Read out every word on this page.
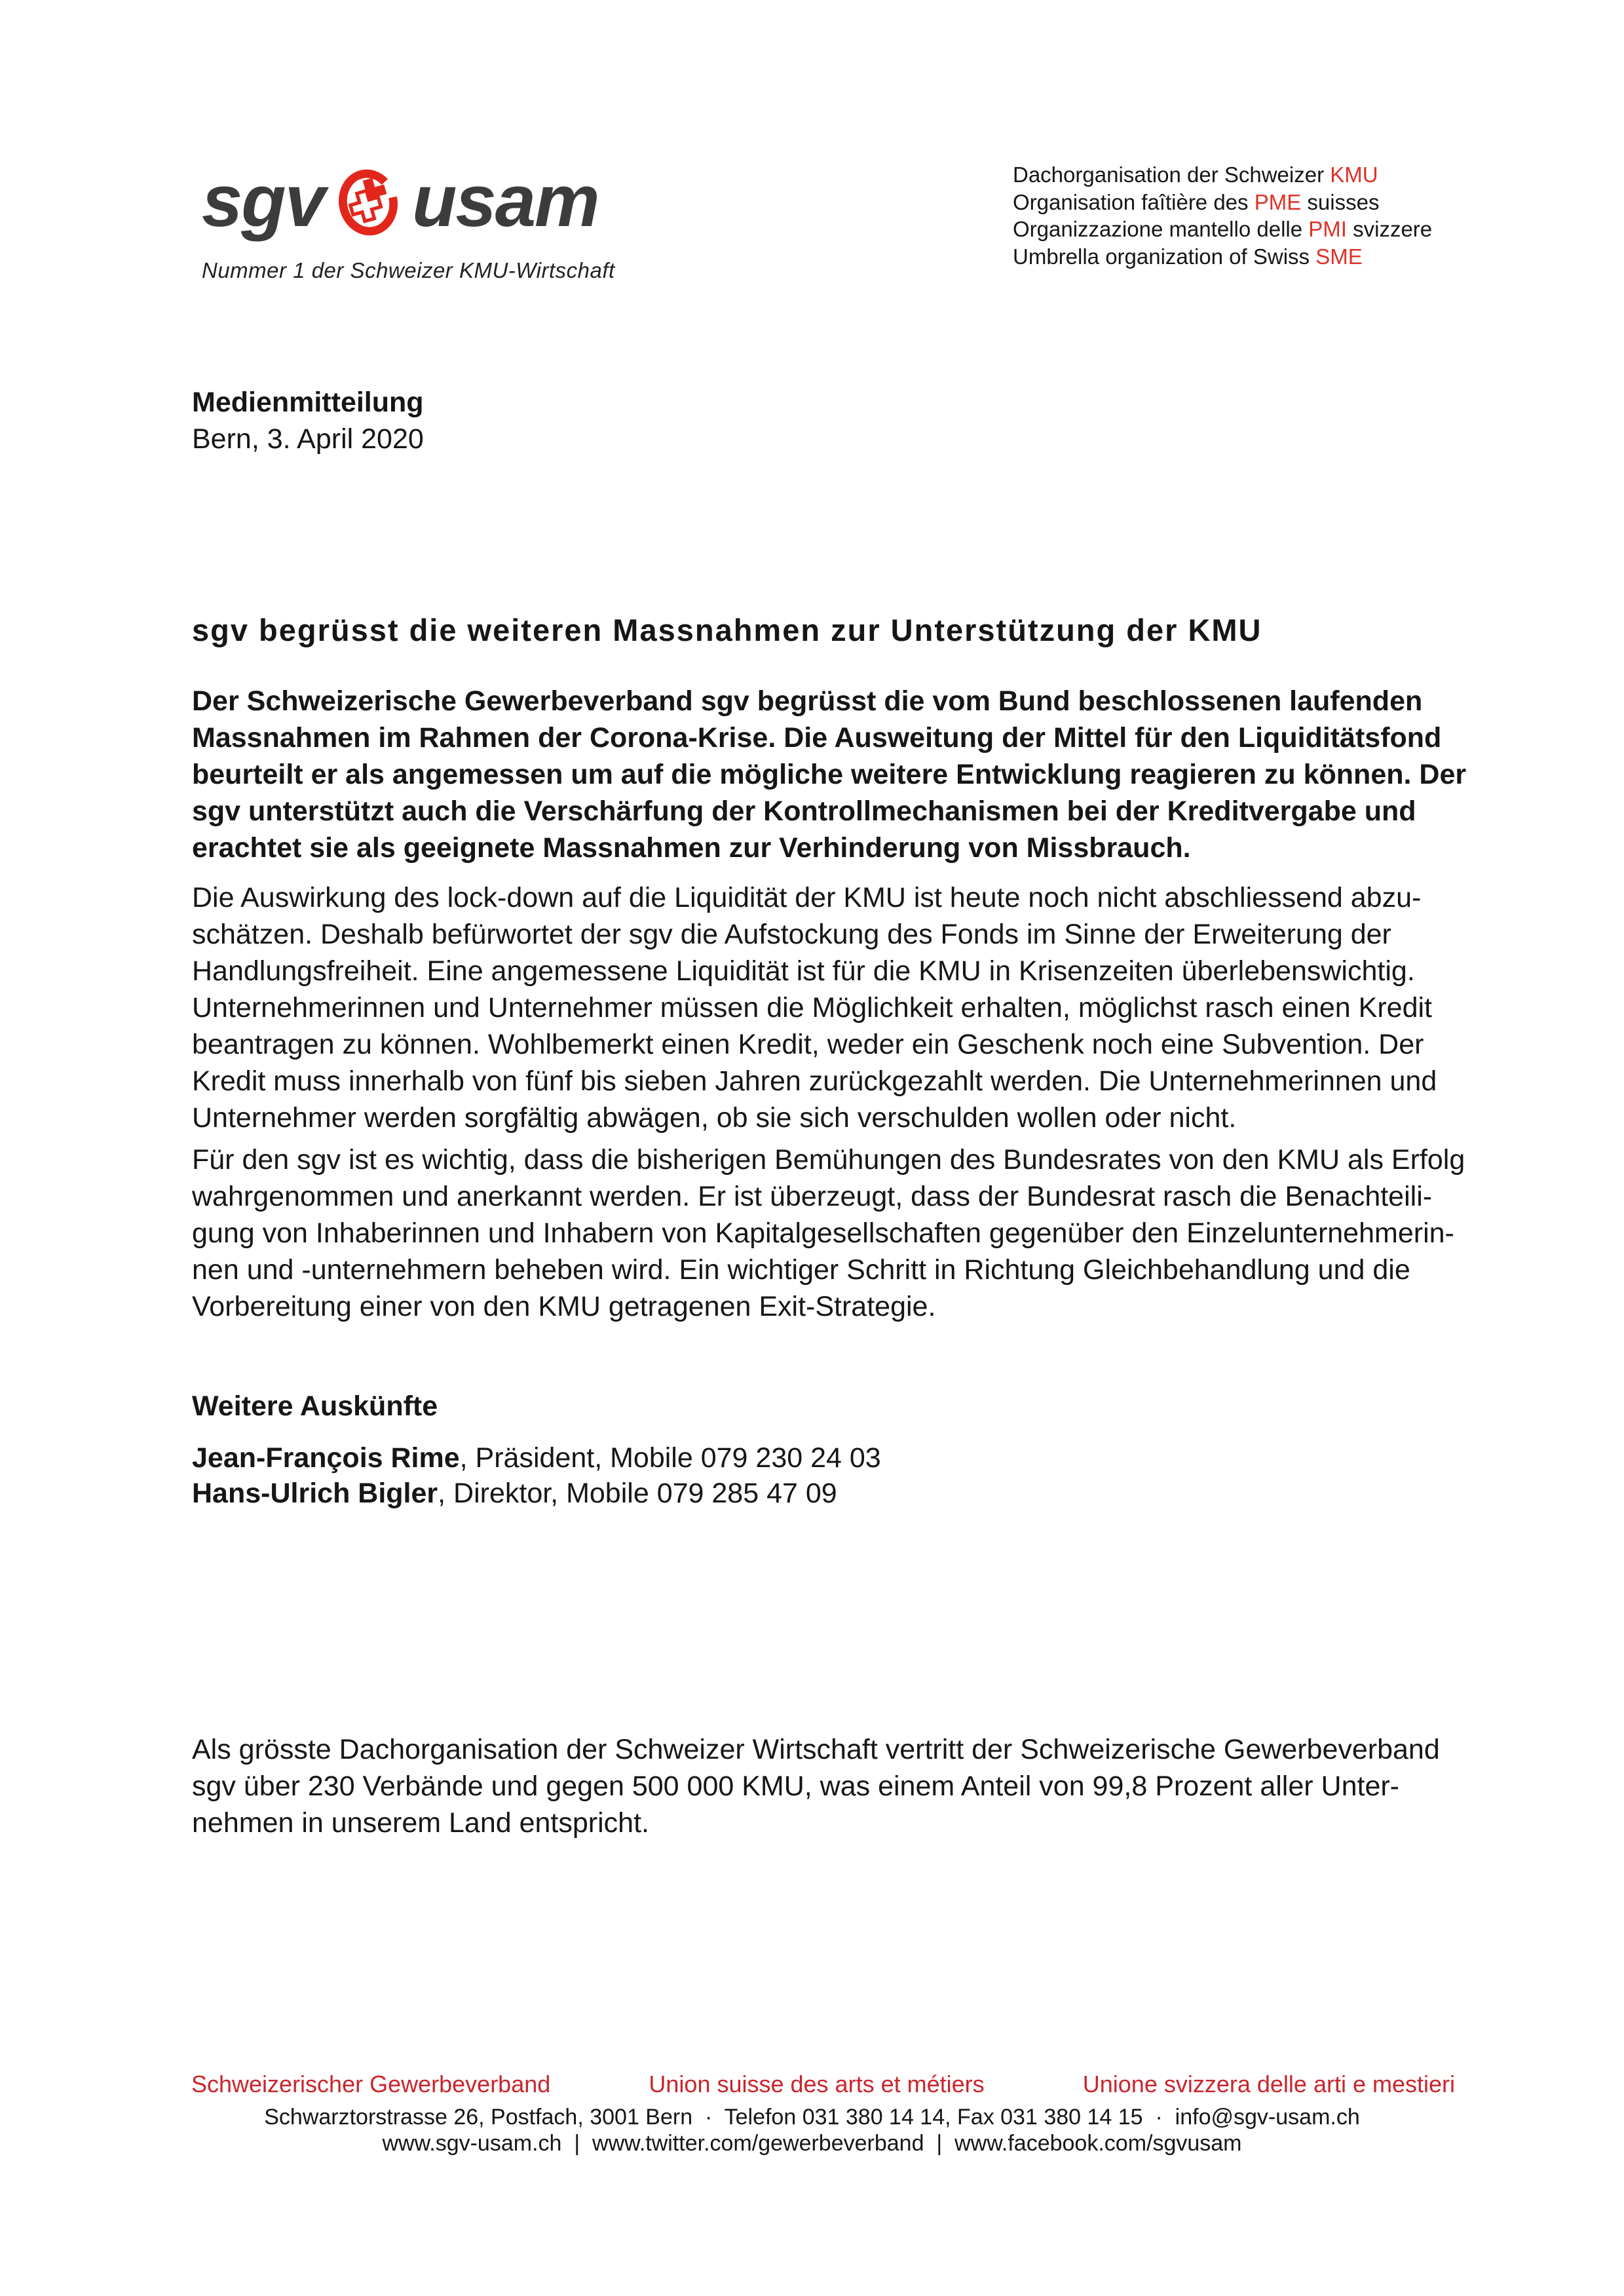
sgv usam
Nummer 1 der Schweizer KMU-Wirtschaft
Dachorganisation der Schweizer KMU
Organisation faîtière des PME suisses
Organizzazione mantello delle PMI svizzere
Umbrella organization of Swiss SME
Medienmitteilung
Bern, 3. April 2020
sgv begrüsst die weiteren Massnahmen zur Unterstützung der KMU
Der Schweizerische Gewerbeverband sgv begrüsst die vom Bund beschlossenen laufenden
Massnahmen im Rahmen der Corona-Krise. Die Ausweitung der Mittel für den Liquiditätsfond
beurteilt er als angemessen um auf die mögliche weitere Entwicklung reagieren zu können. Der
sgv unterstützt auch die Verschärfung der Kontrollmechanismen bei der Kreditvergabe und
erachtet sie als geeignete Massnahmen zur Verhinderung von Missbrauch.
Die Auswirkung des lock-down auf die Liquidität der KMU ist heute noch nicht abschliessend abzu-
schätzen. Deshalb befürwortet der sgv die Aufstockung des Fonds im Sinne der Erweiterung der
Handlungsfreiheit. Eine angemessene Liquidität ist für die KMU in Krisenzeiten überlebenswichtig.
Unternehmerinnen und Unternehmer müssen die Möglichkeit erhalten, möglichst rasch einen Kredit
beantragen zu können. Wohlbemerkt einen Kredit, weder ein Geschenk noch eine Subvention. Der
Kredit muss innerhalb von fünf bis sieben Jahren zurückgezahlt werden. Die Unternehmerinnen und
Unternehmer werden sorgfältig abwägen, ob sie sich verschulden wollen oder nicht.
Für den sgv ist es wichtig, dass die bisherigen Bemühungen des Bundesrates von den KMU als Erfolg
wahrgenommen und anerkannt werden. Er ist überzeugt, dass der Bundesrat rasch die Benachteili-
gung von Inhaberinnen und Inhabern von Kapitalgesellschaften gegenüber den Einzelunternehmerin-
nen und -unternehmern beheben wird. Ein wichtiger Schritt in Richtung Gleichbehandlung und die
Vorbereitung einer von den KMU getragenen Exit-Strategie.
Weitere Auskünfte
Jean-François Rime, Präsident, Mobile 079 230 24 03
Hans-Ulrich Bigler, Direktor, Mobile 079 285 47 09
Als grösste Dachorganisation der Schweizer Wirtschaft vertritt der Schweizerische Gewerbeverband
sgv über 230 Verbände und gegen 500 000 KMU, was einem Anteil von 99,8 Prozent aller Unter-
nehmen in unserem Land entspricht.
Schweizerischer Gewerbeverband	Union suisse des arts et métiers	Unione svizzera delle arti e mestieri
Schwarztorstrasse 26, Postfach, 3001 Bern  ·  Telefon 031 380 14 14, Fax 031 380 14 15  ·  info@sgv-usam.ch
www.sgv-usam.ch  |  www.twitter.com/gewerbeverband  |  www.facebook.com/sgvusam
